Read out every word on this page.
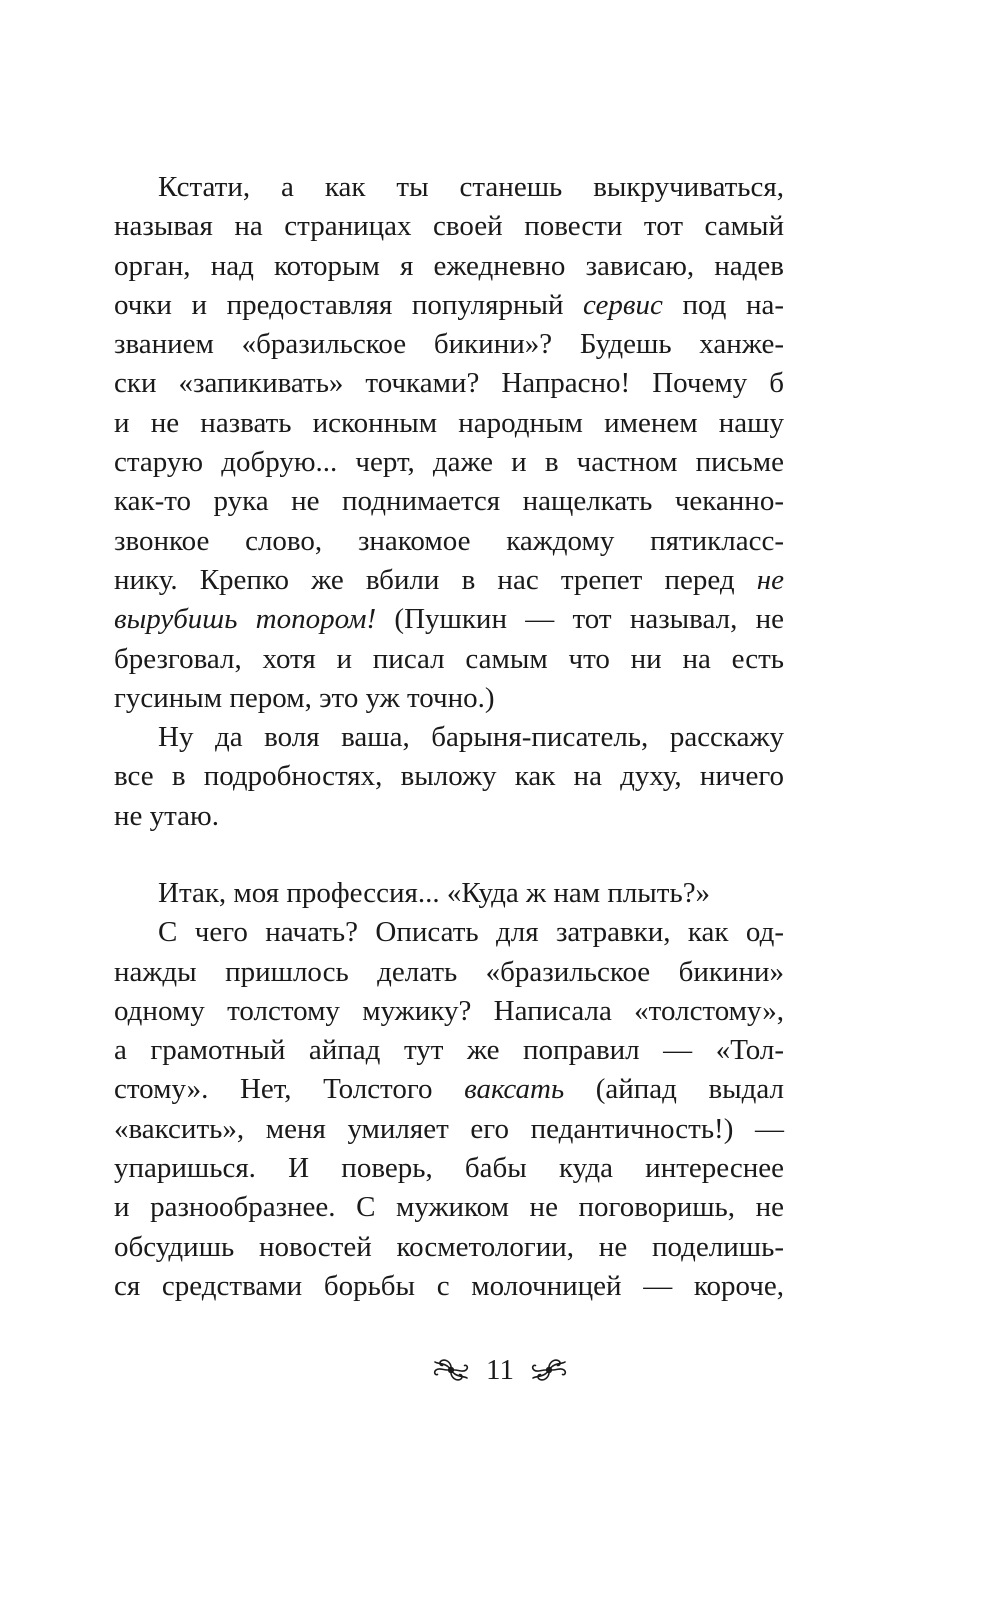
Кстати, а как ты станешь выкручиваться,
называя на страницах своей повести тот самый
орган, над которым я ежедневно зависаю, надев
очки и предоставляя популярный сервис под на-
званием «бразильское бикини»? Будешь ханже-
ски «запикивать» точками? Напрасно! Почему б
и не назвать исконным народным именем нашу
старую добрую... черт, даже и в частном письме
как-то рука не поднимается нащелкать чеканно-
звонкое слово, знакомое каждому пятикласс-
нику. Крепко же вбили в нас трепет перед не
вырубишь топором! (Пушкин — тот называл, не
брезговал, хотя и писал самым что ни на есть
гусиным пером, это уж точно.)

Ну да воля ваша, барыня-писатель, расскажу
все в подробностях, выложу как на духу, ничего
не утаю.

Итак, моя профессия... «Куда ж нам плыть?»

С чего начать? Описать для затравки, как од-
нажды пришлось делать «бразильское бикини»
одному толстому мужику? Написала «толстому»,
а грамотный айпад тут же поправил — «Тол-
стому». Нет, Толстого ваксать (айпад выдал
«ваксить», меня умиляет его педантичность!) —
упаришься. И поверь, бабы куда интереснее
и разнообразнее. С мужиком не поговоришь, не
обсудишь новостей косметологии, не поделишь-
ся средствами борьбы с молочницей — короче,

11
